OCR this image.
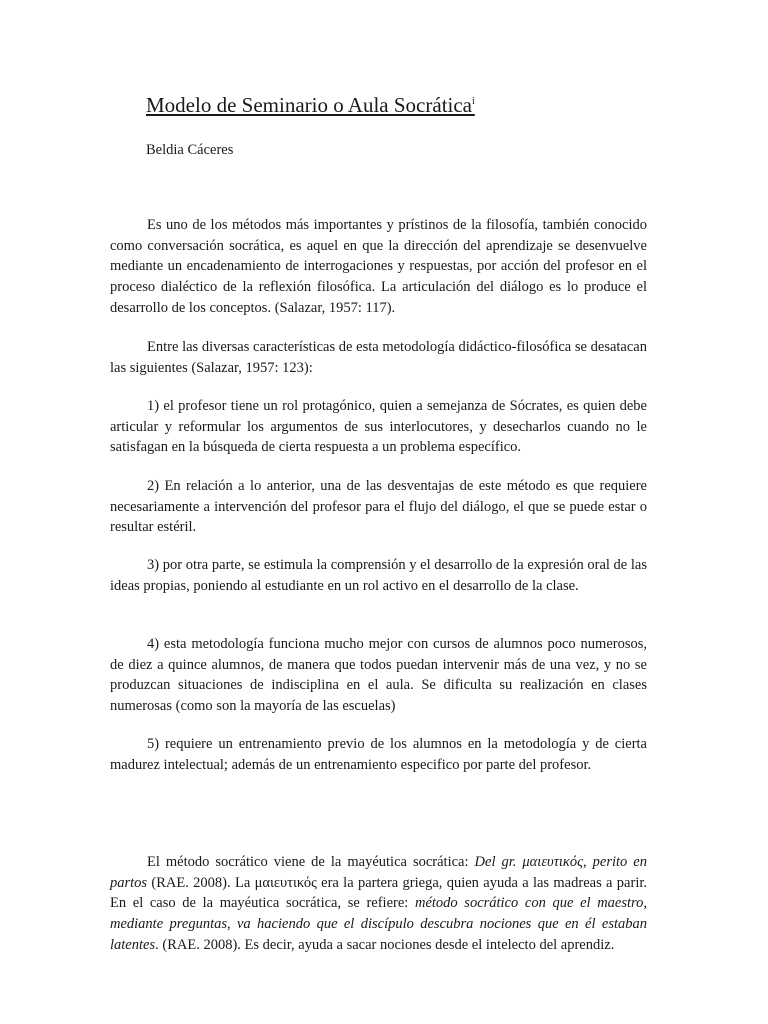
Modelo de Seminario o Aula Socrática$^i$
Beldia Cáceres

Es uno de los métodos más importantes y prístinos de la filosofía, también conocido como conversación socrática, es aquel en que la dirección del aprendizaje se desenvuelve mediante un encadenamiento de interrogaciones y respuestas, por acción del profesor en el proceso dialéctico de la reflexión filosófica. La articulación del diálogo es lo produce el desarrollo de los conceptos. (Salazar, 1957: 117).

Entre las diversas características de esta metodología didáctico-filosófica se desatacan las siguientes (Salazar, 1957: 123):

1) el profesor tiene un rol protagónico, quien a semejanza de Sócrates, es quien debe articular y reformular los argumentos de sus interlocutores, y desecharlos cuando no le satisfagan en la búsqueda de cierta respuesta a un problema específico.

2) En relación a lo anterior, una de las desventajas de este método es que requiere necesariamente a intervención del profesor para el flujo del diálogo, el que se puede estar o resultar estéril.

3) por otra parte, se estimula la comprensión y el desarrollo de la expresión oral de las ideas propias, poniendo al estudiante en un rol activo en el desarrollo de la clase.

4) esta metodología funciona mucho mejor con cursos de alumnos poco numerosos, de diez a quince alumnos, de manera que todos puedan intervenir más de una vez, y no se produzcan situaciones de indisciplina en el aula. Se dificulta su realización en clases numerosas (como son la mayoría de las escuelas)

5) requiere un entrenamiento previo de los alumnos en la metodología y de cierta madurez intelectual; además de un entrenamiento especifico por parte del profesor.

El método socrático viene de la mayéutica socrática: Del gr. μαιευτικός, perito en partos (RAE. 2008). La μαιευτικός era la partera griega, quien ayuda a las madreas a parir. En el caso de la mayéutica socrática, se refiere: método socrático con que el maestro, mediante preguntas, va haciendo que el discípulo descubra nociones que en él estaban latentes. (RAE. 2008). Es decir, ayuda a sacar nociones desde el intelecto del aprendiz.
